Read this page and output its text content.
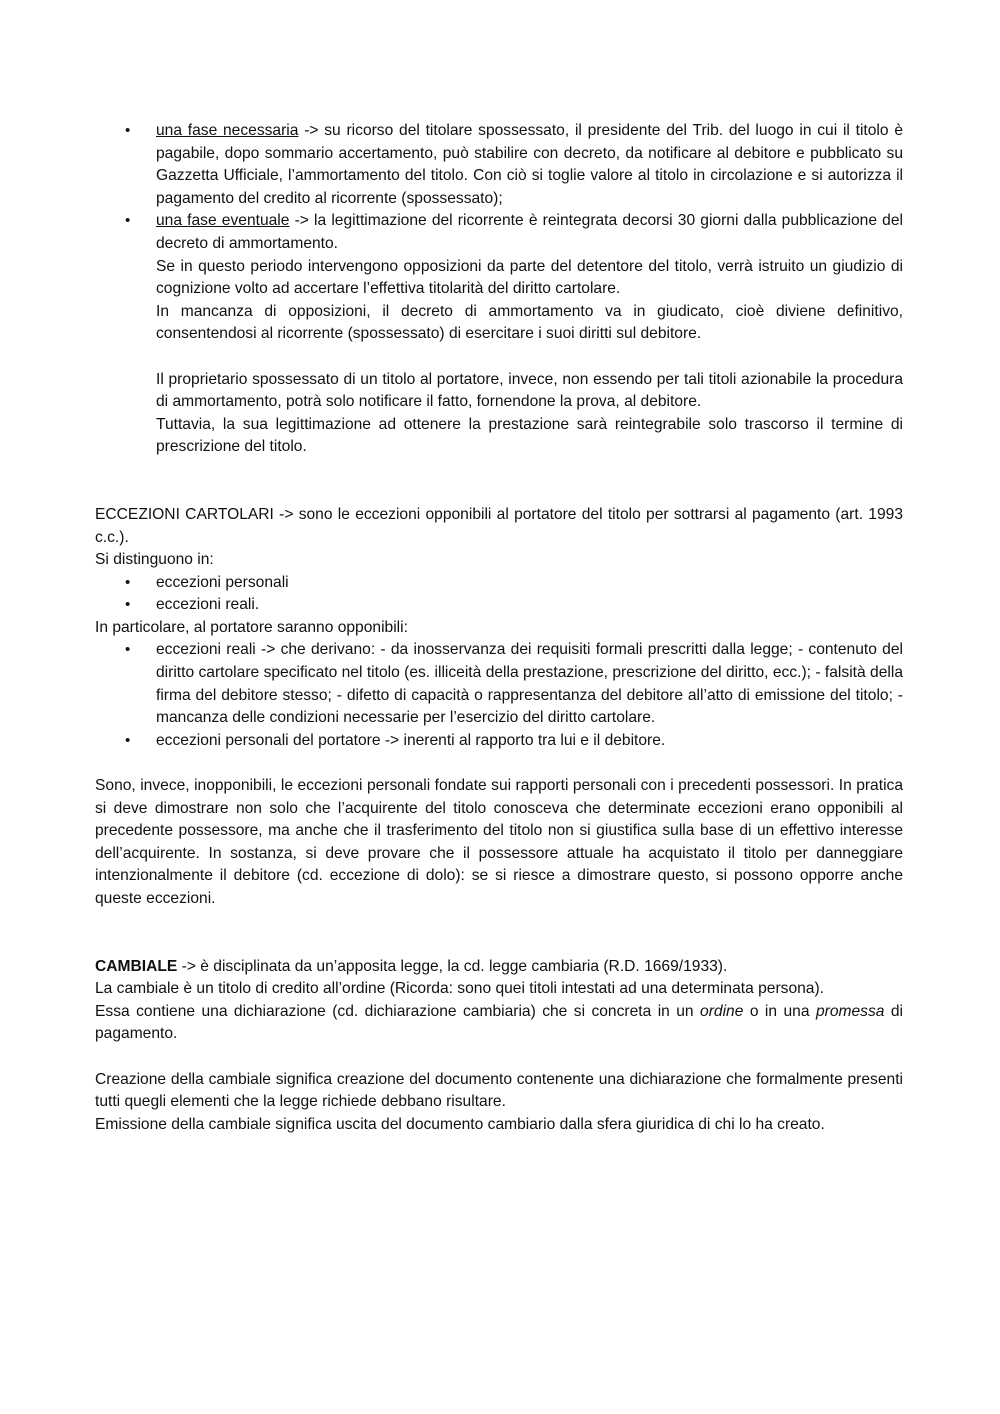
• una fase necessaria -> su ricorso del titolare spossessato, il presidente del Trib. del luogo in cui il titolo è pagabile, dopo sommario accertamento, può stabilire con decreto, da notificare al debitore e pubblicato su Gazzetta Ufficiale, l’ammortamento del titolo. Con ciò si toglie valore al titolo in circolazione e si autorizza il pagamento del credito al ricorrente (spossessato);
• una fase eventuale -> la legittimazione del ricorrente è reintegrata decorsi 30 giorni dalla pubblicazione del decreto di ammortamento.

Se in questo periodo intervengono opposizioni da parte del detentore del titolo, verrà istruito un giudizio di cognizione volto ad accertare l’effettiva titolarità del diritto cartolare.

In mancanza di opposizioni, il decreto di ammortamento va in giudicato, cioè diviene definitivo, consentendosi al ricorrente (spossessato) di esercitare i suoi diritti sul debitore.

Il proprietario spossessato di un titolo al portatore, invece, non essendo per tali titoli azionabile la procedura di ammortamento, potrà solo notificare il fatto, fornendone la prova, al debitore.

Tuttavia, la sua legittimazione ad ottenere la prestazione sarà reintegrabile solo trascorso il termine di prescrizione del titolo.

ECCEZIONI CARTOLARI -> sono le eccezioni opponibili al portatore del titolo per sottrarsi al pagamento (art. 1993 c.c.).

Si distinguono in:

• eccezioni personali
• eccezioni reali.

In particolare, al portatore saranno opponibili:

• eccezioni reali -> che derivano: - da inosservanza dei requisiti formali prescritti dalla legge; - contenuto del diritto cartolare specificato nel titolo (es. illiceità della prestazione, prescrizione del diritto, ecc.); - falsità della firma del debitore stesso; - difetto di capacità o rappresentanza del debitore all’atto di emissione del titolo; - mancanza delle condizioni necessarie per l’esercizio del diritto cartolare.
• eccezioni personali del portatore -> inerenti al rapporto tra lui e il debitore.

Sono, invece, inopponibili, le eccezioni personali fondate sui rapporti personali con i precedenti possessori. In pratica si deve dimostrare non solo che l’acquirente del titolo conosceva che determinate eccezioni erano opponibili al precedente possessore, ma anche che il trasferimento del titolo non si giustifica sulla base di un effettivo interesse dell’acquirente. In sostanza, si deve provare che il possessore attuale ha acquistato il titolo per danneggiare intenzionalmente il debitore (cd. eccezione di dolo): se si riesce a dimostrare questo, si possono opporre anche queste eccezioni.

CAMBIALE -> è disciplinata da un’apposita legge, la cd. legge cambiaria (R.D. 1669/1933).

La cambiale è un titolo di credito all’ordine (Ricorda: sono quei titoli intestati ad una determinata persona).

Essa contiene una dichiarazione (cd. dichiarazione cambiaria) che si concreta in un ordine o in una promessa di pagamento.

Creazione della cambiale significa creazione del documento contenente una dichiarazione che formalmente presenti tutti quegli elementi che la legge richiede debbano risultare.

Emissione della cambiale significa uscita del documento cambiario dalla sfera giuridica di chi lo ha creato.
